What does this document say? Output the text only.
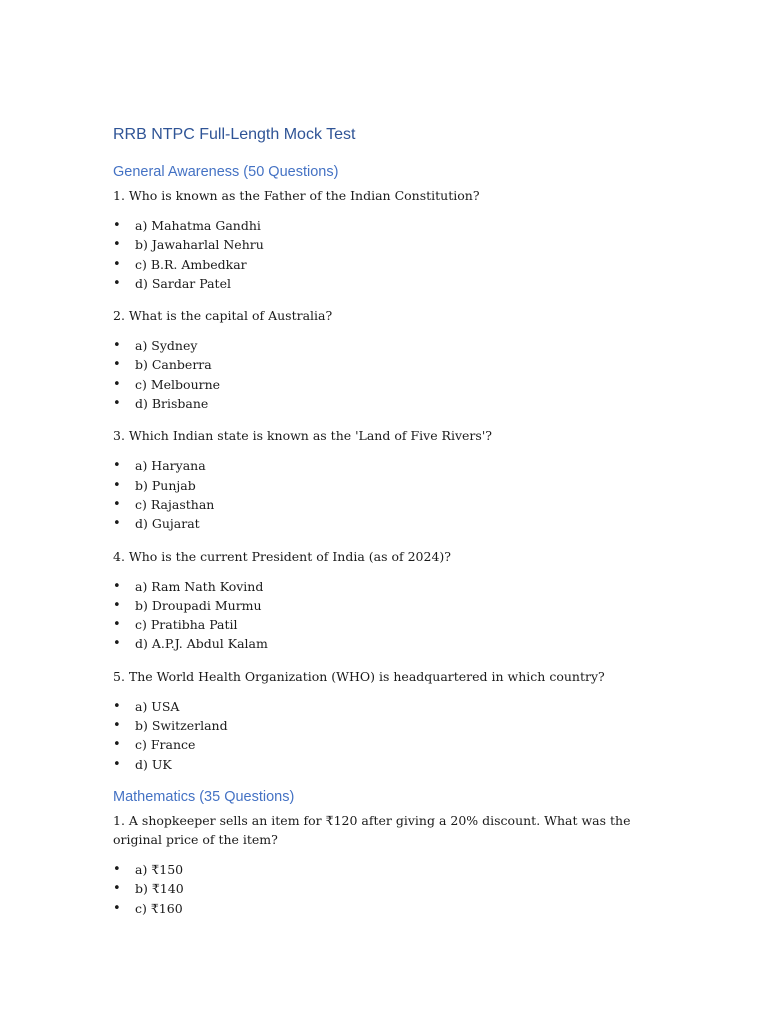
RRB NTPC Full-Length Mock Test
General Awareness (50 Questions)

1. Who is known as the Father of the Indian Constitution?

• a) Mahatma Gandhi
• b) Jawaharlal Nehru
• c) B.R. Ambedkar
• d) Sardar Patel

2. What is the capital of Australia?

• a) Sydney
• b) Canberra
• c) Melbourne
• d) Brisbane

3. Which Indian state is known as the 'Land of Five Rivers'?

• a) Haryana
• b) Punjab
• c) Rajasthan
• d) Gujarat

4. Who is the current President of India (as of 2024)?

• a) Ram Nath Kovind
• b) Droupadi Murmu
• c) Pratibha Patil
• d) A.P.J. Abdul Kalam

5. The World Health Organization (WHO) is headquartered in which country?

• a) USA
• b) Switzerland
• c) France
• d) UK
Mathematics (35 Questions)

1. A shopkeeper sells an item for ₹120 after giving a 20% discount. What was the original price of the item?

• a) ₹150
• b) ₹140
• c) ₹160
